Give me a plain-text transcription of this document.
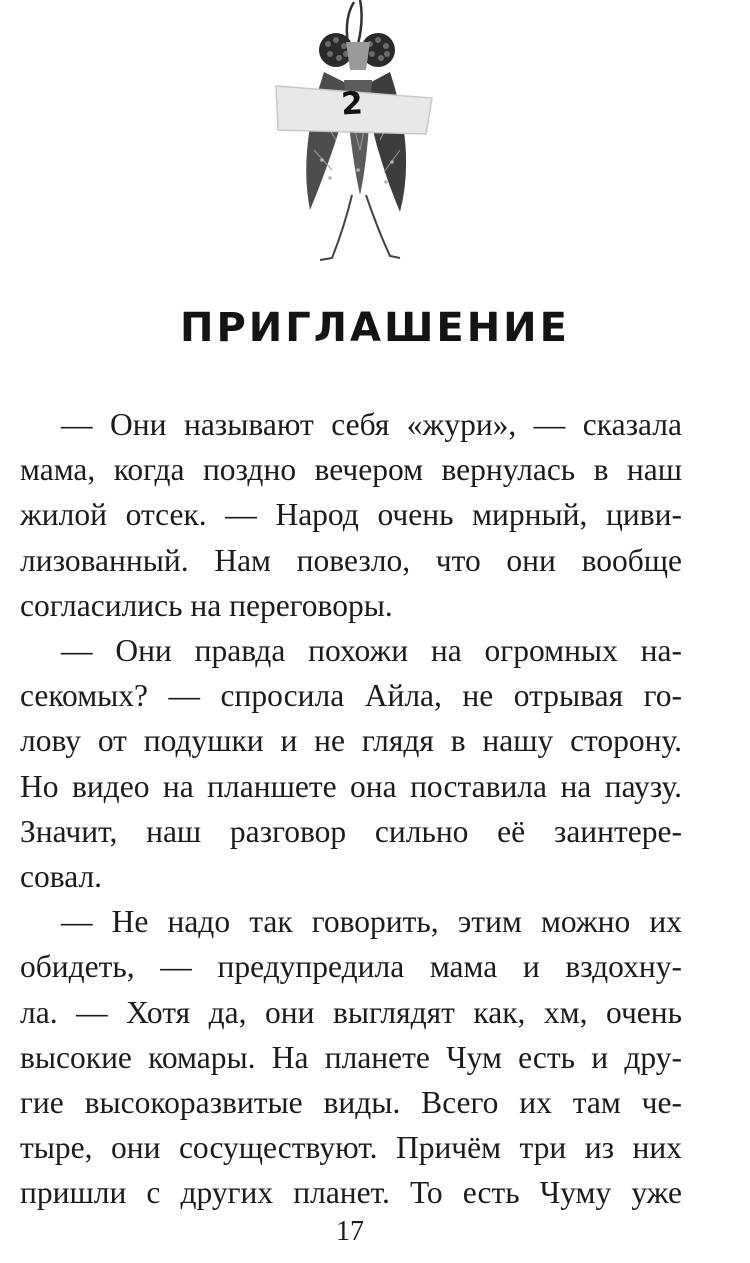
2
ПРИГЛАШЕНИЕ
— Они называют себя «жури», — сказала
мама, когда поздно вечером вернулась в наш
жилой отсек. — Народ очень мирный, циви-
лизованный. Нам повезло, что они вообще
согласились на переговоры.
— Они правда похожи на огромных на-
секомых? — спросила Айла, не отрывая го-
лову от подушки и не глядя в нашу сторону.
Но видео на планшете она поставила на паузу.
Значит, наш разговор сильно её заинтере-
совал.
— Не надо так говорить, этим можно их
обидеть, — предупредила мама и вздохну-
ла. — Хотя да, они выглядят как, хм, очень
высокие комары. На планете Чум есть и дру-
гие высокоразвитые виды. Всего их там че-
тыре, они сосуществуют. Причём три из них
пришли с других планет. То есть Чуму уже
17
